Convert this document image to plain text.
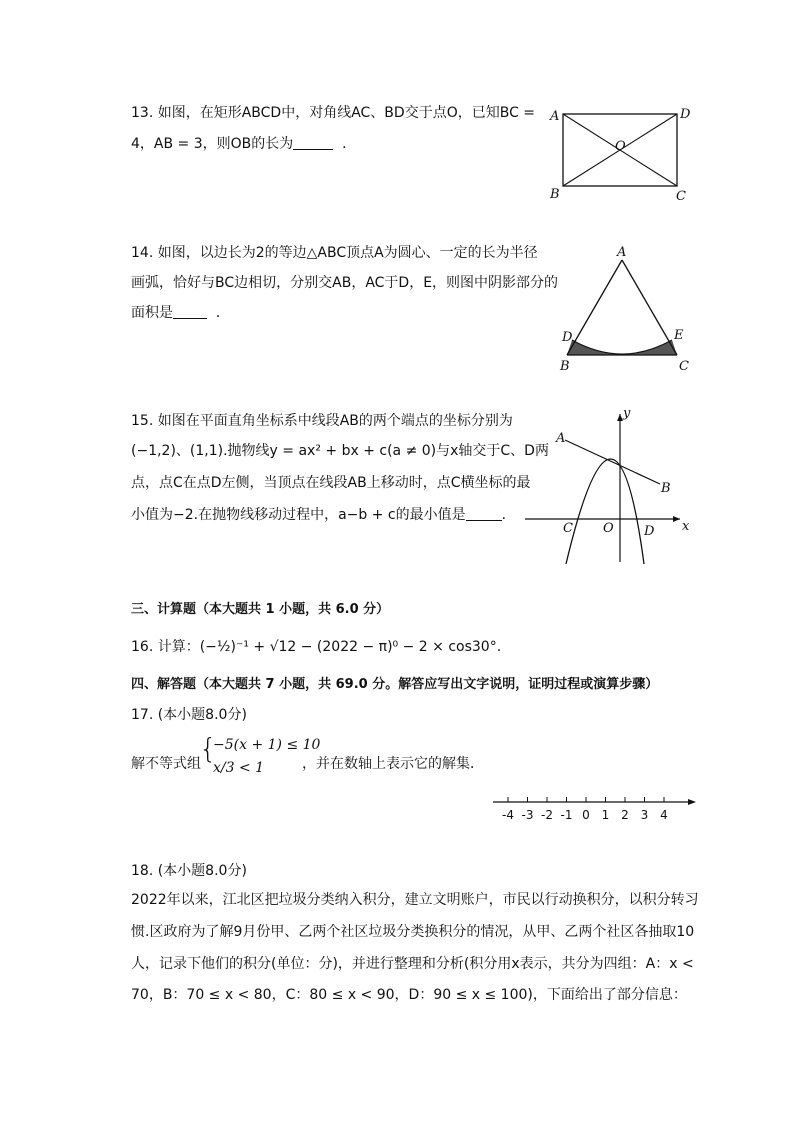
13. 如图，在矩形ABCD中，对角线AC、BD交于点O，已知BC =
4，AB = 3，则OB的长为	．
A	D
B	C
O
14. 如图，以边长为2的等边△ABC顶点A为圆心、一定的长为半径
画弧，恰好与BC边相切，分别交AB，AC于D，E，则图中阴影部分的
面积是	．
A
D	E
B	C
15. 如图在平面直角坐标系中线段AB的两个端点的坐标分别为
(−1,2)、(1,1).抛物线y = ax² + bx + c(a ≠ 0)与x轴交于C、D两
点，点C在点D左侧，当顶点在线段AB上移动时，点C横坐标的最
小值为−2.在抛物线移动过程中，a−b + c的最小值是	．
y
x
A
B
C O D
三、计算题（本大题共 1 小题，共 6.0 分）
16. 计算：(−½)⁻¹ + √12 − (2022 − π)⁰ − 2 × cos30°.
四、解答题（本大题共 7 小题，共 69.0 分。解答应写出文字说明，证明过程或演算步骤）
17. (本小题8.0分)
解不等式组
{
−5(x + 1) ≤ 10
x/3 < 1	，并在数轴上表示它的解集．
-4 -3 -2 -1 0 1 2 3 4
18. (本小题8.0分)
2022年以来，江北区把垃圾分类纳入积分，建立文明账户，市民以行动换积分，以积分转习
惯.区政府为了解9月份甲、乙两个社区垃圾分类换积分的情况，从甲、乙两个社区各抽取10
人，记录下他们的积分(单位：分)，并进行整理和分析(积分用x表示，共分为四组：A：x <
70，B：70 ≤ x < 80，C：80 ≤ x < 90，D：90 ≤ x ≤ 100)，下面给出了部分信息：
